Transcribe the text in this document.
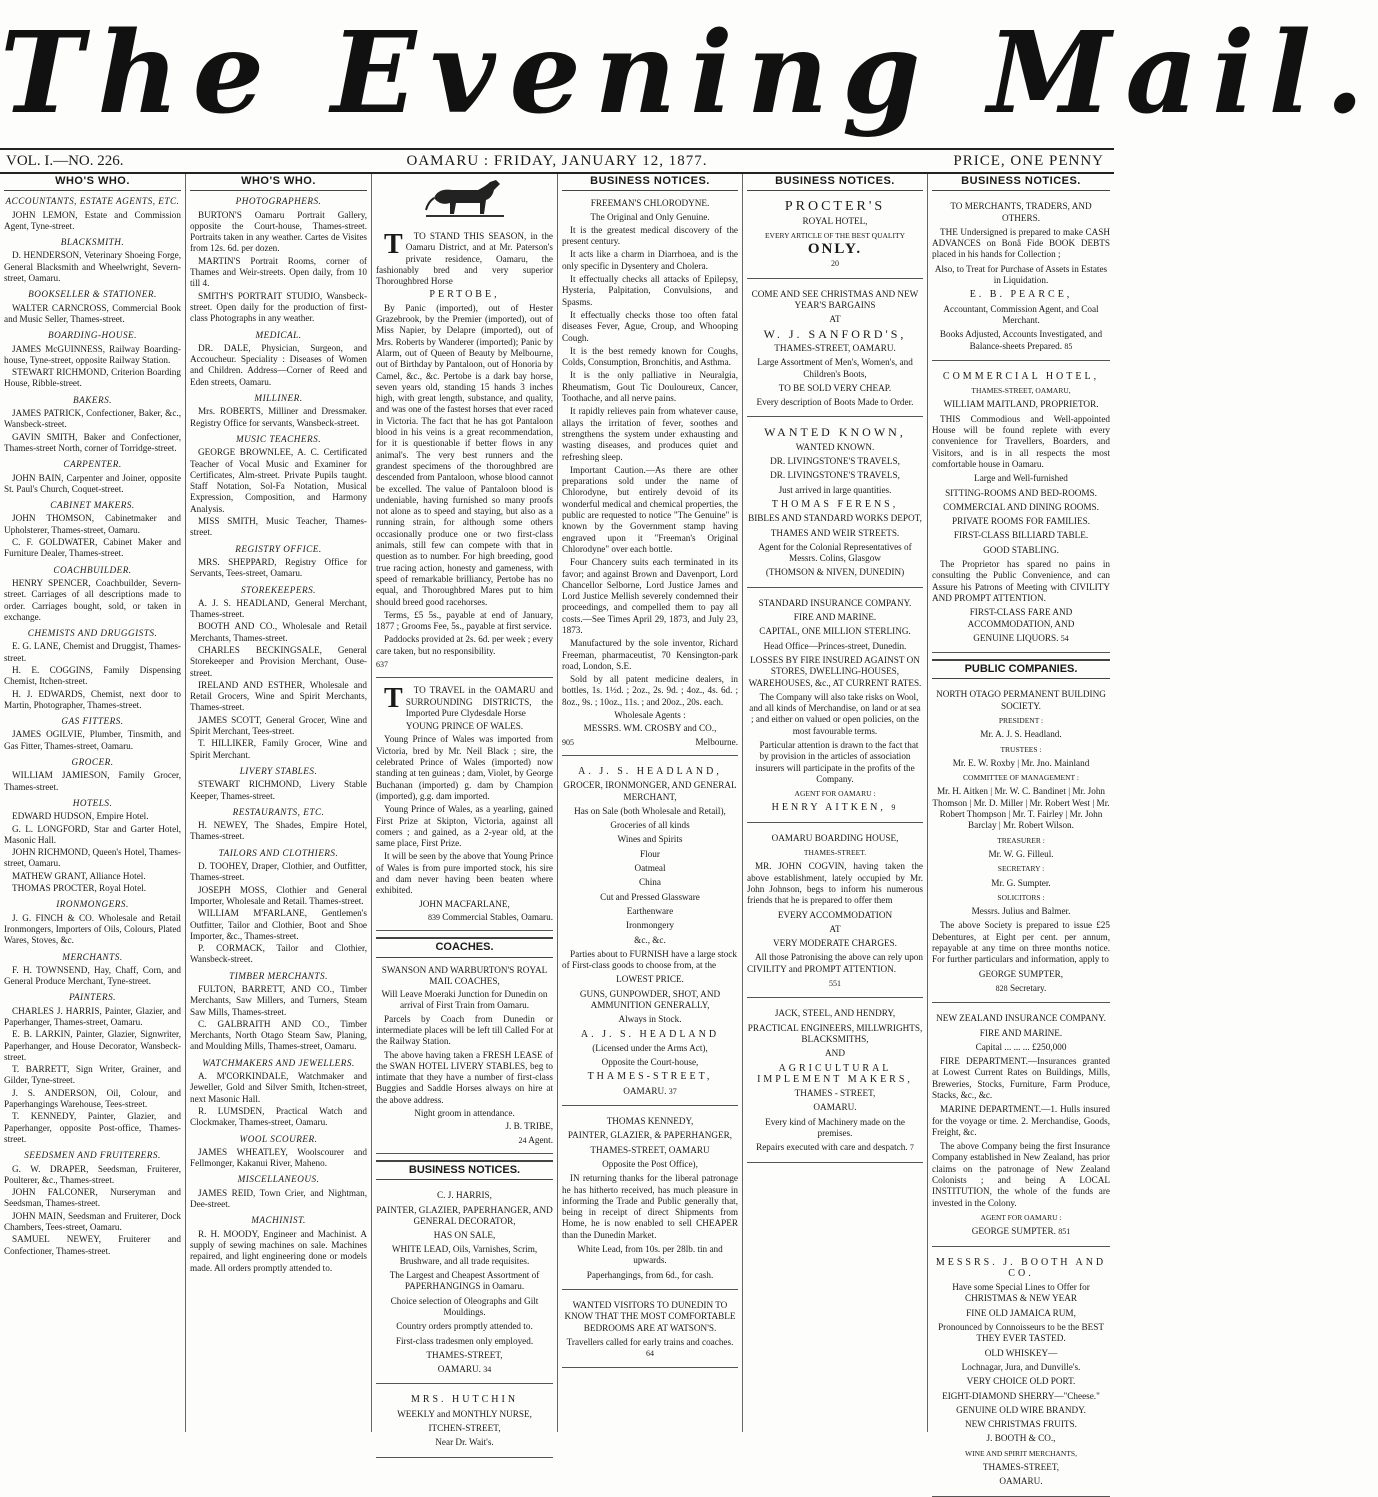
The Evening Mail.
VOL. I.—NO. 226.	OAMARU : FRIDAY, JANUARY 12, 1877.	PRICE, ONE PENNY
WHO'S WHO.
ACCOUNTANTS, ESTATE AGENTS, ETC.

JOHN LEMON, Estate and Commission Agent, Tyne-street.

BLACKSMITH.

D. HENDERSON, Veterinary Shoeing Forge, General Blacksmith and Wheelwright, Severn-street, Oamaru.

BOOKSELLER & STATIONER.

WALTER CARNCROSS, Commercial Book and Music Seller, Thames-street.

BOARDING-HOUSE.

JAMES McGUINNESS, Railway Boarding-house, Tyne-street, opposite Railway Station.

STEWART RICHMOND, Criterion Boarding House, Ribble-street.

BAKERS.

JAMES PATRICK, Confectioner, Baker, &c., Wansbeck-street.

GAVIN SMITH, Baker and Confectioner, Thames-street North, corner of Torridge-street.

CARPENTER.

JOHN BAIN, Carpenter and Joiner, opposite St. Paul's Church, Coquet-street.

CABINET MAKERS.

JOHN THOMSON, Cabinetmaker and Upholsterer, Thames-street, Oamaru.

C. F. GOLDWATER, Cabinet Maker and Furniture Dealer, Thames-street.

COACHBUILDER.

HENRY SPENCER, Coachbuilder, Severn-street. Carriages of all descriptions made to order. Carriages bought, sold, or taken in exchange.

CHEMISTS AND DRUGGISTS.

E. G. LANE, Chemist and Druggist, Thames-street.

H. E. COGGINS, Family Dispensing Chemist, Itchen-street.

H. J. EDWARDS, Chemist, next door to Martin, Photographer, Thames-street.

GAS FITTERS.

JAMES OGILVIE, Plumber, Tinsmith, and Gas Fitter, Thames-street, Oamaru.

GROCER.

WILLIAM JAMIESON, Family Grocer, Thames-street.

HOTELS.

EDWARD HUDSON, Empire Hotel.

G. L. LONGFORD, Star and Garter Hotel, Masonic Hall.

JOHN RICHMOND, Queen's Hotel, Thames-street, Oamaru.

MATHEW GRANT, Alliance Hotel.

THOMAS PROCTER, Royal Hotel.

IRONMONGERS.

J. G. FINCH & CO. Wholesale and Retail Ironmongers, Importers of Oils, Colours, Plated Wares, Stoves, &c.

MERCHANTS.

F. H. TOWNSEND, Hay, Chaff, Corn, and General Produce Merchant, Tyne-street.

PAINTERS.

CHARLES J. HARRIS, Painter, Glazier, and Paperhanger, Thames-street, Oamaru.

E. B. LARKIN, Painter, Glazier, Signwriter, Paperhanger, and House Decorator, Wansbeck-street.

T. BARRETT, Sign Writer, Grainer, and Gilder, Tyne-street.

J. S. ANDERSON, Oil, Colour, and Paperhangings Warehouse, Tees-street.

T. KENNEDY, Painter, Glazier, and Paperhanger, opposite Post-office, Thames-street.

SEEDSMEN AND FRUITERERS.

G. W. DRAPER, Seedsman, Fruiterer, Poulterer, &c., Thames-street.

JOHN FALCONER, Nurseryman and Seedsman, Thames-street.

JOHN MAIN, Seedsman and Fruiterer, Dock Chambers, Tees-street, Oamaru.

SAMUEL NEWEY, Fruiterer and Confectioner, Thames-street.

WHO'S WHO.
PHOTOGRAPHERS.

BURTON'S Oamaru Portrait Gallery, opposite the Court-house, Thames-street. Portraits taken in any weather. Cartes de Visites from 12s. 6d. per dozen.

MARTIN'S Portrait Rooms, corner of Thames and Weir-streets. Open daily, from 10 till 4.

SMITH'S PORTRAIT STUDIO, Wansbeck-street. Open daily for the production of first-class Photographs in any weather.

MEDICAL.

DR. DALE, Physician, Surgeon, and Accoucheur. Speciality : Diseases of Women and Children. Address—Corner of Reed and Eden streets, Oamaru.

MILLINER.

Mrs. ROBERTS, Milliner and Dressmaker. Registry Office for servants, Wansbeck-street.

MUSIC TEACHERS.

GEORGE BROWNLEE, A. C. Certificated Teacher of Vocal Music and Examiner for Certificates, Alm-street. Private Pupils taught. Staff Notation, Sol-Fa Notation, Musical Expression, Composition, and Harmony Analysis.

MISS SMITH, Music Teacher, Thames-street.

REGISTRY OFFICE.

MRS. SHEPPARD, Registry Office for Servants, Tees-street, Oamaru.

STOREKEEPERS.

A. J. S. HEADLAND, General Merchant, Thames-street.

BOOTH AND CO., Wholesale and Retail Merchants, Thames-street.

CHARLES BECKINGSALE, General Storekeeper and Provision Merchant, Ouse-street.

IRELAND AND ESTHER, Wholesale and Retail Grocers, Wine and Spirit Merchants, Thames-street.

JAMES SCOTT, General Grocer, Wine and Spirit Merchant, Tees-street.

T. HILLIKER, Family Grocer, Wine and Spirit Merchant.

LIVERY STABLES.

STEWART RICHMOND, Livery Stable Keeper, Thames-street.

RESTAURANTS, ETC.

H. NEWEY, The Shades, Empire Hotel, Thames-street.

TAILORS AND CLOTHIERS.

D. TOOHEY, Draper, Clothier, and Outfitter, Thames-street.

JOSEPH MOSS, Clothier and General Importer, Wholesale and Retail. Thames-street.

WILLIAM M'FARLANE, Gentlemen's Outfitter, Tailor and Clothier, Boot and Shoe Importer, &c., Thames-street.

P. CORMACK, Tailor and Clothier, Wansbeck-street.

TIMBER MERCHANTS.

FULTON, BARRETT, AND CO., Timber Merchants, Saw Millers, and Turners, Steam Saw Mills, Thames-street.

C. GALBRAITH AND CO., Timber Merchants, North Otago Steam Saw, Planing, and Moulding Mills, Thames-street, Oamaru.

WATCHMAKERS AND JEWELLERS.

A. M'CORKINDALE, Watchmaker and Jeweller, Gold and Silver Smith, Itchen-street, next Masonic Hall.

R. LUMSDEN, Practical Watch and Clockmaker, Thames-street, Oamaru.

WOOL SCOURER.

JAMES WHEATLEY, Woolscourer and Fellmonger, Kakanui River, Maheno.

MISCELLANEOUS.

JAMES REID, Town Crier, and Nightman, Dee-street.

MACHINIST.

R. H. MOODY, Engineer and Machinist. A supply of sewing machines on sale. Machines repaired, and light engineering done or models made. All orders promptly attended to.

T TO STAND THIS SEASON, in the Oamaru District, and at Mr. Paterson's private residence, Oamaru, the fashionably bred and very superior Thoroughbred Horse

PERTOBE,

By Panic (imported), out of Hester Grazebrook, by the Premier (imported), out of Miss Napier, by Delapre (imported), out of Mrs. Roberts by Wanderer (imported); Panic by Alarm, out of Queen of Beauty by Melbourne, out of Birthday by Pantaloon, out of Honoria by Camel, &c., &c. Pertobe is a dark bay horse, seven years old, standing 15 hands 3 inches high, with great length, substance, and quality, and was one of the fastest horses that ever raced in Victoria. The fact that he has got Pantaloon blood in his veins is a great recommendation, for it is questionable if better flows in any animal's. The very best runners and the grandest specimens of the thoroughbred are descended from Pantaloon, whose blood cannot be excelled. The value of Pantaloon blood is undeniable, having furnished so many proofs not alone as to speed and staying, but also as a running strain, for although some others occasionally produce one or two first-class animals, still few can compete with that in question as to number. For high breeding, good true racing action, honesty and gameness, with speed of remarkable brilliancy, Pertobe has no equal, and Thoroughbred Mares put to him should breed good racehorses.

Terms, £5 5s., payable at end of January, 1877 ; Grooms Fee, 5s., payable at first service.

Paddocks provided at 2s. 6d. per week ; every care taken, but no responsibility.

637

T TO TRAVEL in the OAMARU and SURROUNDING DISTRICTS, the Imported Pure Clydesdale Horse

YOUNG PRINCE OF WALES.

Young Prince of Wales was imported from Victoria, bred by Mr. Neil Black ; sire, the celebrated Prince of Wales (imported) now standing at ten guineas ; dam, Violet, by George Buchanan (imported) g. dam by Champion (imported), g.g. dam imported.

Young Prince of Wales, as a yearling, gained First Prize at Skipton, Victoria, against all comers ; and gained, as a 2-year old, at the same place, First Prize.

It will be seen by the above that Young Prince of Wales is from pure imported stock, his sire and dam never having been beaten where exhibited.

JOHN MACFARLANE,

839 Commercial Stables, Oamaru.

COACHES.

SWANSON AND WARBURTON'S ROYAL MAIL COACHES,

Will Leave Moeraki Junction for Dunedin on arrival of First Train from Oamaru.

Parcels by Coach from Dunedin or intermediate places will be left till Called For at the Railway Station.

The above having taken a FRESH LEASE of the SWAN HOTEL LIVERY STABLES, beg to intimate that they have a number of first-class Buggies and Saddle Horses always on hire at the above address.

Night groom in attendance.

J. B. TRIBE,

24 Agent.

BUSINESS NOTICES.

C. J. HARRIS,

PAINTER, GLAZIER, PAPERHANGER, AND GENERAL DECORATOR,

HAS ON SALE,

WHITE LEAD, Oils, Varnishes, Scrim, Brushware, and all trade requisites.

The Largest and Cheapest Assortment of PAPERHANGINGS in Oamaru.

Choice selection of Oleographs and Gilt Mouldings.

Country orders promptly attended to.

First-class tradesmen only employed.

THAMES-STREET,

OAMARU. 34

MRS. HUTCHIN

WEEKLY and MONTHLY NURSE,

ITCHEN-STREET,

Near Dr. Wait's.

BUSINESS NOTICES.

FREEMAN'S CHLORODYNE.

The Original and Only Genuine.

It is the greatest medical discovery of the present century.

It acts like a charm in Diarrhoea, and is the only specific in Dysentery and Cholera.

It effectually checks all attacks of Epilepsy, Hysteria, Palpitation, Convulsions, and Spasms.

It effectually checks those too often fatal diseases Fever, Ague, Croup, and Whooping Cough.

It is the best remedy known for Coughs, Colds, Consumption, Bronchitis, and Asthma.

It is the only palliative in Neuralgia, Rheumatism, Gout Tic Douloureux, Cancer, Toothache, and all nerve pains.

It rapidly relieves pain from whatever cause, allays the irritation of fever, soothes and strengthens the system under exhausting and wasting diseases, and produces quiet and refreshing sleep.

Important Caution.—As there are other preparations sold under the name of Chlorodyne, but entirely devoid of its wonderful medical and chemical properties, the public are requested to notice "The Genuine" is known by the Government stamp having engraved upon it "Freeman's Original Chlorodyne" over each bottle.

Four Chancery suits each terminated in its favor; and against Brown and Davenport, Lord Chancellor Selborne, Lord Justice James and Lord Justice Mellish severely condemned their proceedings, and compelled them to pay all costs.—See Times April 29, 1873, and July 23, 1873.

Manufactured by the sole inventor, Richard Freeman, pharmaceutist, 70 Kensington-park road, London, S.E.

Sold by all patent medicine dealers, in bottles, 1s. 1½d. ; 2oz., 2s. 9d. ; 4oz., 4s. 6d. ; 8oz., 9s. ; 10oz., 11s. ; and 20oz., 20s. each.

Wholesale Agents :

MESSRS. WM. CROSBY and CO.,

905	Melbourne.

A. J. S. HEADLAND,

GROCER, IRONMONGER, AND GENERAL MERCHANT,

Has on Sale (both Wholesale and Retail),

Groceries of all kinds

Wines and Spirits

Flour

Oatmeal

China

Cut and Pressed Glassware

Earthenware

Ironmongery

&c., &c.

Parties about to FURNISH have a large stock of First-class goods to choose from, at the

LOWEST PRICE.

GUNS, GUNPOWDER, SHOT, AND AMMUNITION GENERALLY,

Always in Stock.

A. J. S. HEADLAND

(Licensed under the Arms Act),

Opposite the Court-house,

THAMES-STREET,

OAMARU. 37

THOMAS KENNEDY,

PAINTER, GLAZIER, & PAPERHANGER,

THAMES-STREET, OAMARU

Opposite the Post Office),

IN returning thanks for the liberal patronage he has hitherto received, has much pleasure in informing the Trade and Public generally that, being in receipt of direct Shipments from Home, he is now enabled to sell CHEAPER than the Dunedin Market.

White Lead, from 10s. per 28lb. tin and upwards.

Paperhangings, from 6d., for cash.

WANTED VISITORS TO DUNEDIN TO KNOW THAT THE MOST COMFORTABLE BEDROOMS ARE AT WATSON'S.

Travellers called for early trains and coaches. 64

BUSINESS NOTICES.

PROCTER'S

ROYAL HOTEL,

EVERY ARTICLE OF THE BEST QUALITY

ONLY.

20

COME AND SEE CHRISTMAS AND NEW YEAR'S BARGAINS

AT

W. J. SANFORD'S,

THAMES-STREET, OAMARU.

Large Assortment of Men's, Women's, and Children's Boots,

TO BE SOLD VERY CHEAP.

Every description of Boots Made to Order.

WANTED KNOWN,

WANTED KNOWN.

DR. LIVINGSTONE'S TRAVELS,

DR. LIVINGSTONE'S TRAVELS,

Just arrived in large quantities.

THOMAS FERENS,

BIBLES AND STANDARD WORKS DEPOT,

THAMES AND WEIR STREETS.

Agent for the Colonial Representatives of Messrs. Colins, Glasgow

(THOMSON & NIVEN, DUNEDIN)

STANDARD INSURANCE COMPANY.

FIRE AND MARINE.

CAPITAL, ONE MILLION STERLING.

Head Office—Princes-street, Dunedin.

LOSSES BY FIRE INSURED AGAINST ON STORES, DWELLING-HOUSES, WAREHOUSES, &c., AT CURRENT RATES.

The Company will also take risks on Wool, and all kinds of Merchandise, on land or at sea ; and either on valued or open policies, on the most favourable terms.

Particular attention is drawn to the fact that by provision in the articles of association insurers will participate in the profits of the Company.

AGENT FOR OAMARU :

HENRY AITKEN, 9

OAMARU BOARDING HOUSE,

THAMES-STREET.

MR. JOHN COGVIN, having taken the above establishment, lately occupied by Mr. John Johnson, begs to inform his numerous friends that he is prepared to offer them

EVERY ACCOMMODATION

AT

VERY MODERATE CHARGES.

All those Patronising the above can rely upon CIVILITY and PROMPT ATTENTION.

551

JACK, STEEL, AND HENDRY,

PRACTICAL ENGINEERS, MILLWRIGHTS, BLACKSMITHS,

AND

AGRICULTURAL IMPLEMENT MAKERS,

THAMES - STREET,

OAMARU.

Every kind of Machinery made on the premises.

Repairs executed with care and despatch. 7

BUSINESS NOTICES.

TO MERCHANTS, TRADERS, AND OTHERS.

THE Undersigned is prepared to make CASH ADVANCES on Bonâ Fide BOOK DEBTS placed in his hands for Collection ;

Also, to Treat for Purchase of Assets in Estates in Liquidation.

E. B. PEARCE,

Accountant, Commission Agent, and Coal Merchant.

Books Adjusted, Accounts Investigated, and Balance-sheets Prepared. 85

COMMERCIAL HOTEL,

THAMES-STREET, OAMARU,

WILLIAM MAITLAND, PROPRIETOR.

THIS Commodious and Well-appointed House will be found replete with every convenience for Travellers, Boarders, and Visitors, and is in all respects the most comfortable house in Oamaru.

Large and Well-furnished

SITTING-ROOMS AND BED-ROOMS.

COMMERCIAL AND DINING ROOMS.

PRIVATE ROOMS FOR FAMILIES.

FIRST-CLASS BILLIARD TABLE.

GOOD STABLING.

The Proprietor has spared no pains in consulting the Public Convenience, and can Assure his Patrons of Meeting with CIVILITY AND PROMPT ATTENTION.

FIRST-CLASS FARE AND ACCOMMODATION, AND

GENUINE LIQUORS. 54

PUBLIC COMPANIES.

NORTH OTAGO PERMANENT BUILDING SOCIETY.

PRESIDENT :

Mr. A. J. S. Headland.

TRUSTEES :

Mr. E. W. Roxby | Mr. Jno. Mainland

COMMITTEE OF MANAGEMENT :

Mr. H. Aitken | Mr. W. C. Bandinet | Mr. John Thomson | Mr. D. Miller | Mr. Robert West | Mr. Robert Thompson | Mr. T. Fairley | Mr. John Barclay | Mr. Robert Wilson.

TREASURER :

Mr. W. G. Filleul.

SECRETARY :

Mr. G. Sumpter.

SOLICITORS :

Messrs. Julius and Balmer.

The above Society is prepared to issue £25 Debentures, at Eight per cent. per annum, repayable at any time on three months notice. For further particulars and information, apply to

GEORGE SUMPTER,

828 Secretary.

NEW ZEALAND INSURANCE COMPANY.

FIRE AND MARINE.

Capital ... ... ... £250,000

FIRE DEPARTMENT.—Insurances granted at Lowest Current Rates on Buildings, Mills, Breweries, Stocks, Furniture, Farm Produce, Stacks, &c., &c.

MARINE DEPARTMENT.—1. Hulls insured for the voyage or time. 2. Merchandise, Goods, Freight, &c.

The above Company being the first Insurance Company established in New Zealand, has prior claims on the patronage of New Zealand Colonists ; and being A LOCAL INSTITUTION, the whole of the funds are invested in the Colony.

AGENT FOR OAMARU :

GEORGE SUMPTER. 851

MESSRS. J. BOOTH AND CO.

Have some Special Lines to Offer for CHRISTMAS & NEW YEAR

FINE OLD JAMAICA RUM,

Pronounced by Connoisseurs to be the BEST THEY EVER TASTED.

OLD WHISKEY—

Lochnagar, Jura, and Dunville's.

VERY CHOICE OLD PORT.

EIGHT-DIAMOND SHERRY—"Cheese."

GENUINE OLD WIRE BRANDY.

NEW CHRISTMAS FRUITS.

J. BOOTH & CO.,

WINE AND SPIRIT MERCHANTS,

THAMES-STREET,

OAMARU.
